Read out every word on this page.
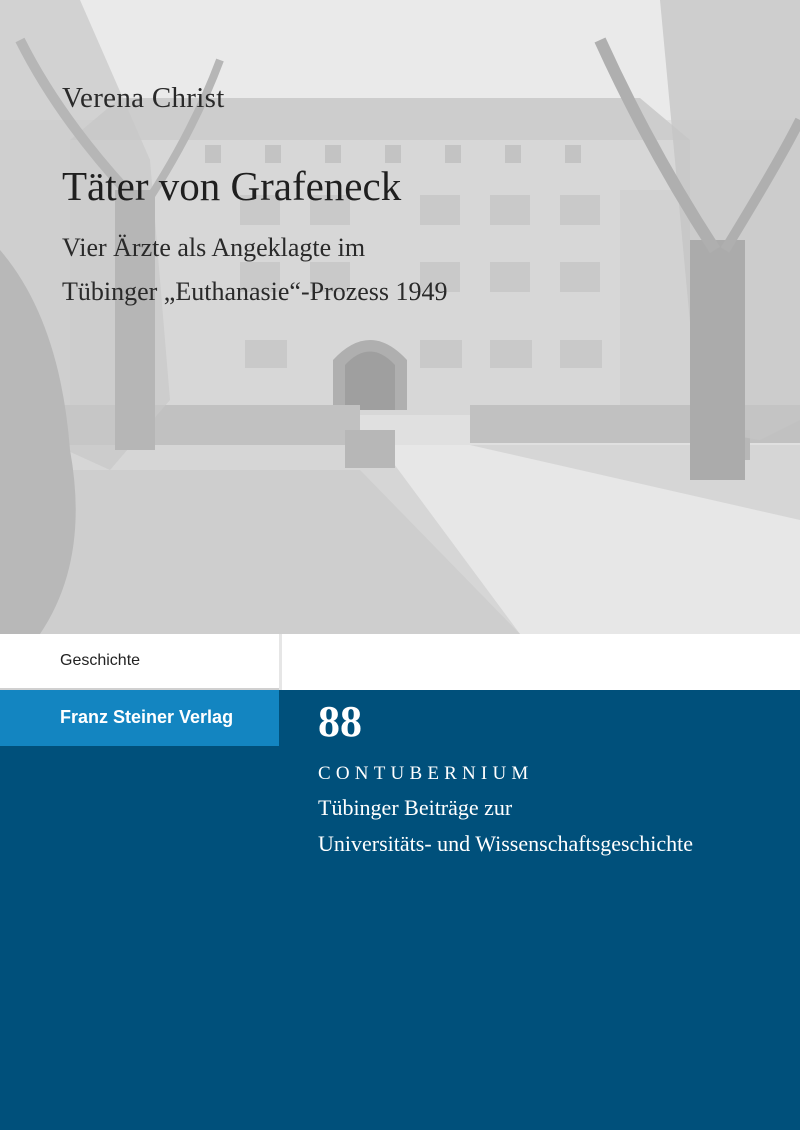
Verena Christ

Täter von Grafeneck

Vier Ärzte als Angeklagte im

Tübinger „Euthanasie“-Prozess 1949

Geschichte
Franz Steiner Verlag 88
CONTUBERNIUM
Tübinger Beiträge zur
Universitäts- und Wissenschaftsgeschichte
